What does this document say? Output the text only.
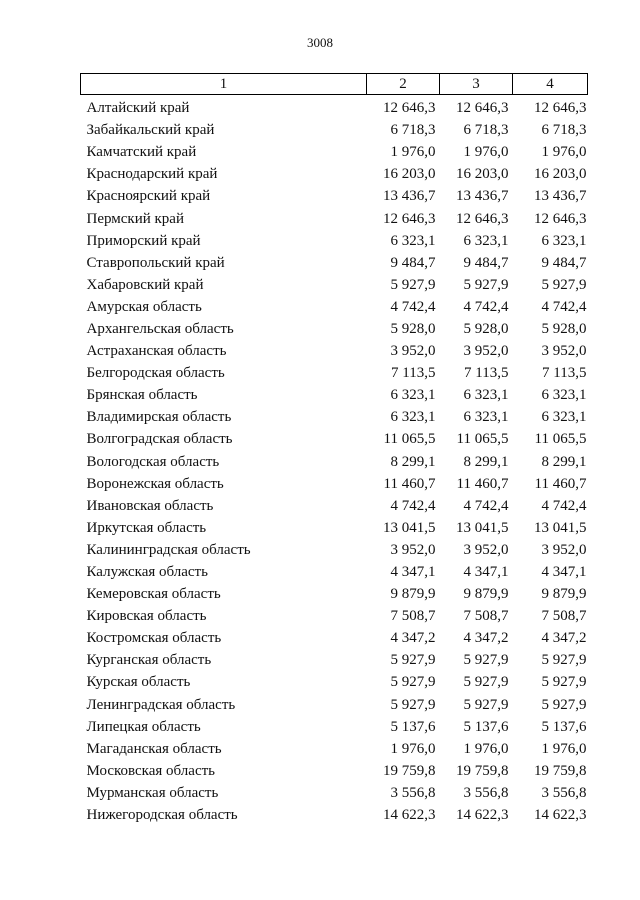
3008
1	2	3	4
Алтайский край	12 646,3	12 646,3	12 646,3
Забайкальский край	6 718,3	6 718,3	6 718,3
Камчатский край	1 976,0	1 976,0	1 976,0
Краснодарский край	16 203,0	16 203,0	16 203,0
Красноярский край	13 436,7	13 436,7	13 436,7
Пермский край	12 646,3	12 646,3	12 646,3
Приморский край	6 323,1	6 323,1	6 323,1
Ставропольский край	9 484,7	9 484,7	9 484,7
Хабаровский край	5 927,9	5 927,9	5 927,9
Амурская область	4 742,4	4 742,4	4 742,4
Архангельская область	5 928,0	5 928,0	5 928,0
Астраханская область	3 952,0	3 952,0	3 952,0
Белгородская область	7 113,5	7 113,5	7 113,5
Брянская область	6 323,1	6 323,1	6 323,1
Владимирская область	6 323,1	6 323,1	6 323,1
Волгоградская область	11 065,5	11 065,5	11 065,5
Вологодская область	8 299,1	8 299,1	8 299,1
Воронежская область	11 460,7	11 460,7	11 460,7
Ивановская область	4 742,4	4 742,4	4 742,4
Иркутская область	13 041,5	13 041,5	13 041,5
Калининградская область	3 952,0	3 952,0	3 952,0
Калужская область	4 347,1	4 347,1	4 347,1
Кемеровская область	9 879,9	9 879,9	9 879,9
Кировская область	7 508,7	7 508,7	7 508,7
Костромская область	4 347,2	4 347,2	4 347,2
Курганская область	5 927,9	5 927,9	5 927,9
Курская область	5 927,9	5 927,9	5 927,9
Ленинградская область	5 927,9	5 927,9	5 927,9
Липецкая область	5 137,6	5 137,6	5 137,6
Магаданская область	1 976,0	1 976,0	1 976,0
Московская область	19 759,8	19 759,8	19 759,8
Мурманская область	3 556,8	3 556,8	3 556,8
Нижегородская область	14 622,3	14 622,3	14 622,3
